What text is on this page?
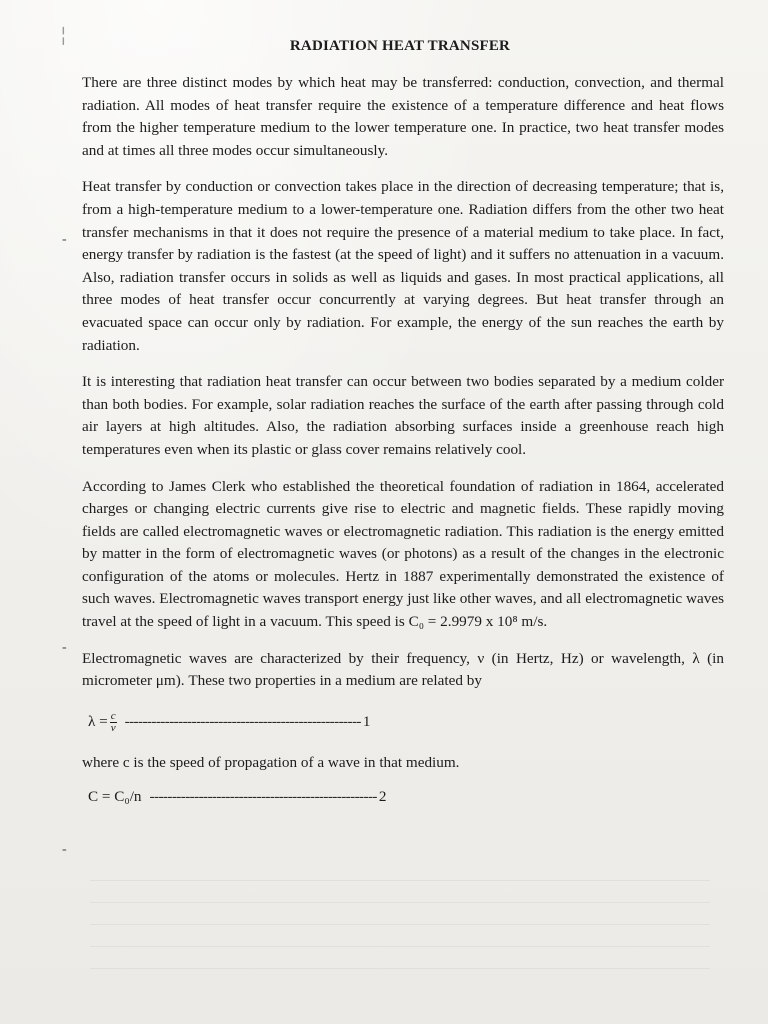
╎	RADIATION HEAT TRANSFER

There are three distinct modes by which heat may be transferred: conduction, convection, and thermal radiation. All modes of heat transfer require the existence of a temperature difference and heat flows from the higher temperature medium to the lower temperature one. In practice, two heat transfer modes and at times all three modes occur simultaneously.

Heat transfer by conduction or convection takes place in the direction of decreasing temperature; that is, from a high-temperature medium to a lower-temperature one. Radiation differs from the other two heat transfer mechanisms in that it does not require the presence of a material medium to take place. In fact, energy transfer by radiation is the fastest (at the speed of light) and it suffers no attenuation in a vacuum. Also, radiation transfer occurs in solids as well as liquids and gases. In most practical applications, all three modes of heat transfer occur concurrently at varying degrees. But heat transfer through an evacuated space can occur only by radiation. For example, the energy of the sun reaches the earth by radiation.

It is interesting that radiation heat transfer can occur between two bodies separated by a medium colder than both bodies. For example, solar radiation reaches the surface of the earth after passing through cold air layers at high altitudes. Also, the radiation absorbing surfaces inside a greenhouse reach high temperatures even when its plastic or glass cover remains relatively cool.

According to James Clerk who established the theoretical foundation of radiation in 1864, accelerated charges or changing electric currents give rise to electric and magnetic fields. These rapidly moving fields are called electromagnetic waves or electromagnetic radiation. This radiation is the energy emitted by matter in the form of electromagnetic waves (or photons) as a result of the changes in the electronic configuration of the atoms or molecules. Hertz in 1887 experimentally demonstrated the existence of such waves. Electromagnetic waves transport energy just like other waves, and all electromagnetic waves travel at the speed of light in a vacuum. This speed is C₀ = 2.9979 x 10⁸ m/s.

Electromagnetic waves are characterized by their frequency, ν (in Hertz, Hz) or wavelength, λ (in micrometer μm). These two properties in a medium are related by

$\lambda = \frac{c}{\nu}$ ----------------------------------------------------- 1

where c is the speed of propagation of a wave in that medium.

C = C₀/n --------------------------------------------------- 2
-
-
-
